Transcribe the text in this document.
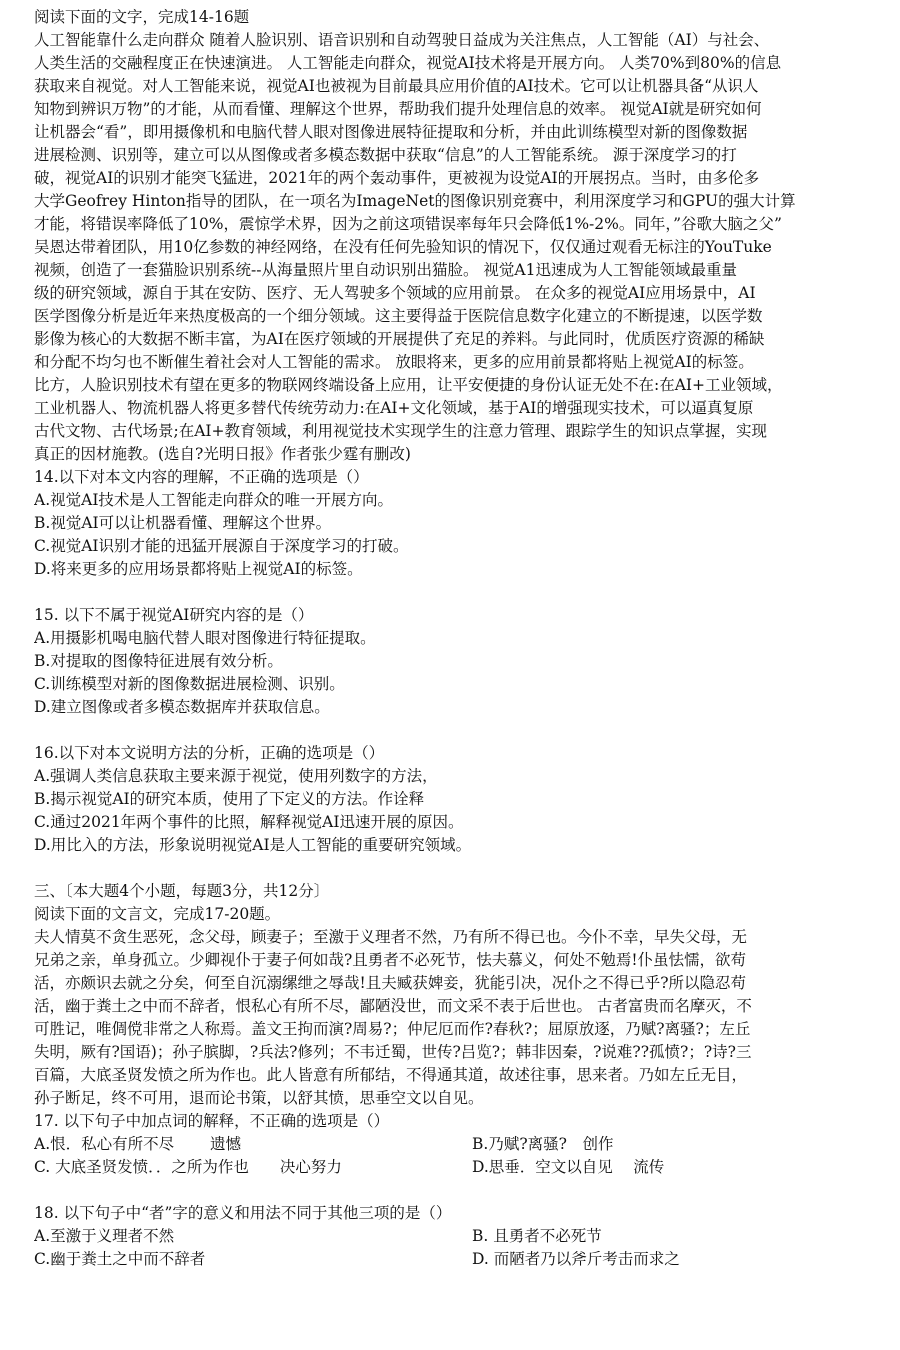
阅读下面的文字，完成14-16题
人工智能靠什么走向群众 随着人脸识别、语音识别和自动驾驶日益成为关注焦点，人工智能（AI）与社会、
人类生活的交融程度正在快速演进。 人工智能走向群众，视觉AI技术将是开展方向。 人类70%到80%的信息
获取来自视觉。对人工智能来说，视觉AI也被视为目前最具应用价值的AI技术。它可以让机器具备“从识人
知物到辨识万物”的才能，从而看懂、理解这个世界，帮助我们提升处理信息的效率。 视觉AI就是研究如何
让机器会“看”，即用摄像机和电脑代替人眼对图像进展特征提取和分析，并由此训练模型对新的图像数据
进展检测、识别等，建立可以从图像或者多模态数据中获取“信息”的人工智能系统。 源于深度学习的打
破，视觉AI的识别才能突飞猛进，2021年的两个轰动事件，更被视为设觉AI的开展拐点。当时，由多伦多
大学Geofrey Hinton指导的团队，在一项名为ImageNet的图像识别竞赛中，利用深度学习和GPU的强大计算
才能，将错误率降低了10%，震惊学术界，因为之前这项错误率每年只会降低1%-2%。同年，”谷歌大脑之父”
吴恩达带着团队，用10亿参数的神经网络，在没有任何先验知识的情况下，仅仅通过观看无标注的YouTuke
视频，创造了一套猫脸识别系统--从海量照片里自动识别出猫脸。 视觉A1迅速成为人工智能领域最重量
级的研究领域，源自于其在安防、医疗、无人驾驶多个领域的应用前景。 在众多的视觉AI应用场景中，AI
医学图像分析是近年来热度极高的一个细分领域。这主要得益于医院信息数字化建立的不断提速，以医学数
影像为核心的大数据不断丰富，为AI在医疗领域的开展提供了充足的养料。与此同时，优质医疗资源的稀缺
和分配不均匀也不断催生着社会对人工智能的需求。 放眼将来，更多的应用前景都将贴上视觉AI的标签。
比方，人脸识别技术有望在更多的物联网终端设备上应用，让平安便捷的身份认证无处不在:在AI+工业领域，
工业机器人、物流机器人将更多替代传统劳动力:在AI+文化领域，基于AI的增强现实技术，可以逼真复原
古代文物、古代场景;在AI+教育领域，利用视觉技术实现学生的注意力管理、跟踪学生的知识点掌握，实现
真正的因材施教。(选自?光明日报》作者张少霆有删改)
14.以下对本文内容的理解，不正确的选项是（）
A.视觉AI技术是人工智能走向群众的唯一开展方向。
B.视觉AI可以让机器看懂、理解这个世界。
C.视觉AI识别才能的迅猛开展源自于深度学习的打破。
D.将来更多的应用场景都将贴上视觉AI的标签。
15. 以下不属于视觉AI研究内容的是（）
A.用摄影机喝电脑代替人眼对图像进行特征提取。
B.对提取的图像特征进展有效分析。
C.训练模型对新的图像数据进展检测、识别。
D.建立图像或者多模态数据库并获取信息。
16.以下对本文说明方法的分析，正确的选项是（）
A.强调人类信息获取主要来源于视觉，使用列数字的方法，
B.揭示视觉AI的研究本质，使用了下定义的方法。作诠释
C.通过2021年两个事件的比照，解释视觉AI迅速开展的原因。
D.用比入的方法，形象说明视觉AI是人工智能的重要研究领域。
三、〔本大题4个小题，每题3分，共12分〕
阅读下面的文言文，完成17-20题。
夫人情莫不贪生恶死，念父母，顾妻子；至激于义理者不然，乃有所不得已也。今仆不幸，早失父母，无
兄弟之亲，单身孤立。少卿视仆于妻子何如哉?且勇者不必死节，怯夫慕义，何处不勉焉!仆虽怯懦，欲苟
活，亦颇识去就之分矣，何至自沉溺缧绁之辱哉!且夫臧获婢妾，犹能引决，况仆之不得已乎?所以隐忍苟
活，幽于粪土之中而不辞者，恨私心有所不尽，鄙陋没世，而文采不表于后世也。 古者富贵而名摩灭，不
可胜记，唯倜傥非常之人称焉。盖文王拘而演?周易?；仲尼厄而作?春秋?；屈原放逐，乃赋?离骚?；左丘
失明，厥有?国语)；孙子膑脚，?兵法?修列；不韦迁蜀，世传?吕览?；韩非因秦，?说难??孤愤?；?诗?三
百篇，大底圣贤发愤之所为作也。此人皆意有所郁结，不得通其道，故述往事，思来者。乃如左丘无目，
孙子断足，终不可用，退而论书策，以舒其愤，思垂空文以自见。
17. 以下句子中加点词的解释，不正确的选项是（）
A.恨．私心有所不尽　　 遗憾	B.乃赋?离骚?　创作
C. 大底圣贤发愤．．之所为作也　　决心努力	D.思垂．空文以自见　 流传
18. 以下句子中“者”字的意义和用法不同于其他三项的是（）
A.至激于义理者不然	B. 且勇者不必死节
C.幽于粪土之中而不辞者	D. 而陋者乃以斧斤考击而求之
